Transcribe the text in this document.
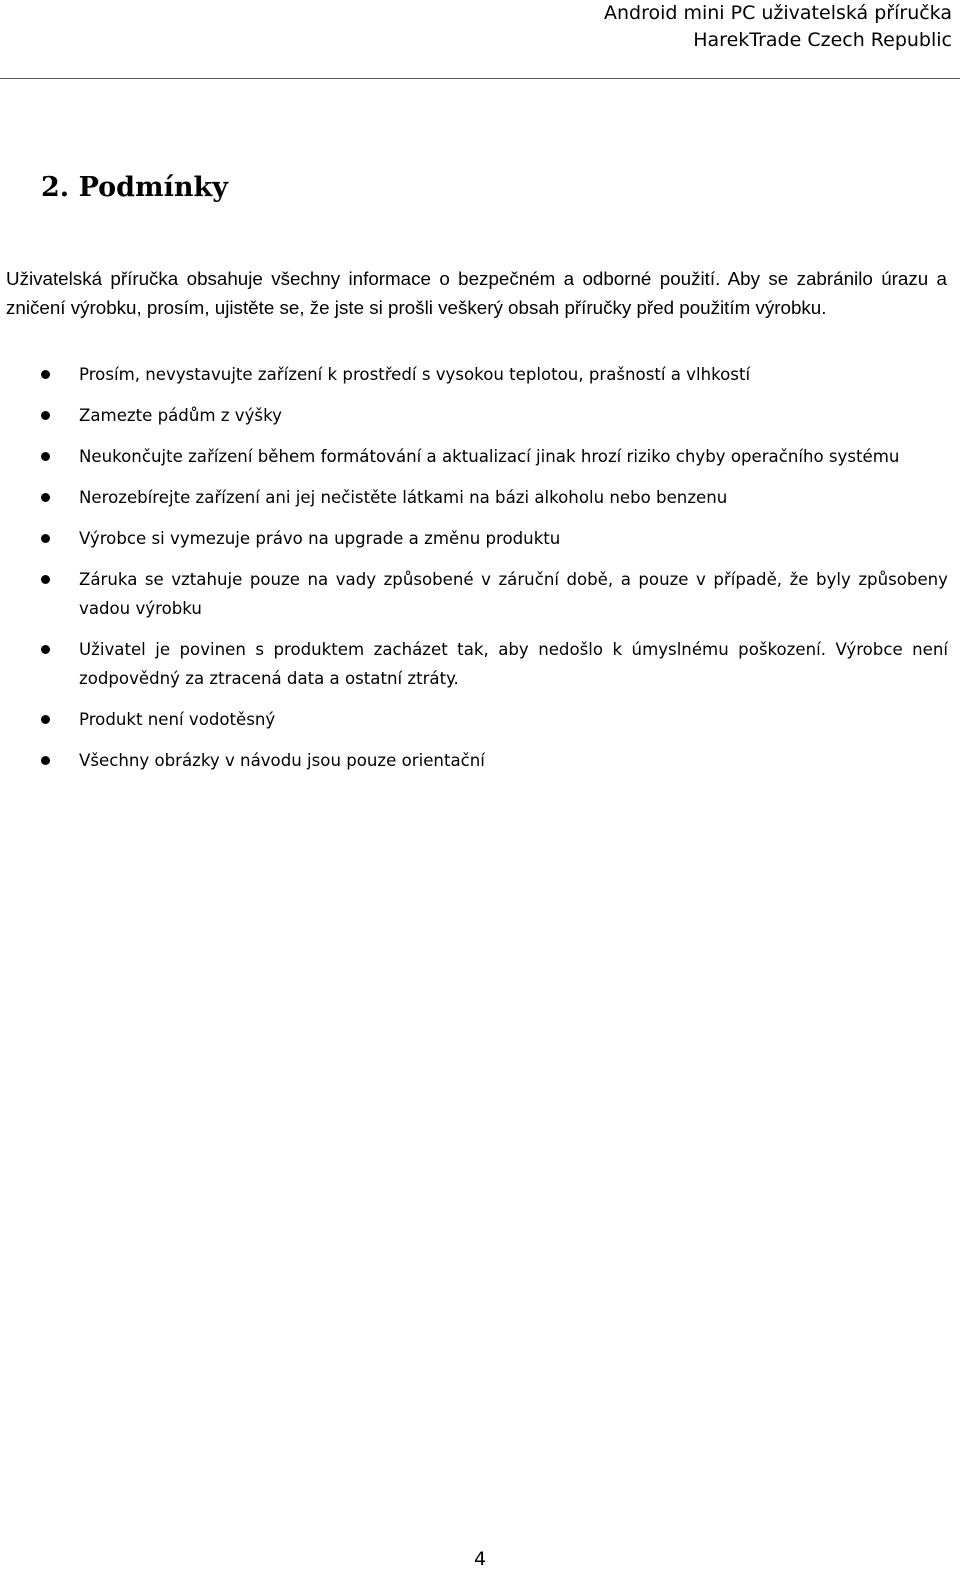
Android mini PC uživatelská příručka
HarekTrade Czech Republic
2. Podmínky

Uživatelská příručka obsahuje všechny informace o bezpečném a odborné použití. Aby se zabránilo úrazu a zničení výrobku, prosím, ujistěte se, že jste si prošli veškerý obsah příručky před použitím výrobku.

Prosím, nevystavujte zařízení k prostředí s vysokou teplotou, prašností a vlhkostí
Zamezte pádům z výšky
Neukončujte zařízení během formátování a aktualizací jinak hrozí riziko chyby operačního systému
Nerozebírejte zařízení ani jej nečistěte látkami na bázi alkoholu nebo benzenu
Výrobce si vymezuje právo na upgrade a změnu produktu
Záruka se vztahuje pouze na vady způsobené v záruční době, a pouze v případě, že byly způsobeny vadou výrobku
Uživatel je povinen s produktem zacházet tak, aby nedošlo k úmyslnému poškození. Výrobce není zodpovědný za ztracená data a ostatní ztráty.
Produkt není vodotěsný
Všechny obrázky v návodu jsou pouze orientační
4
